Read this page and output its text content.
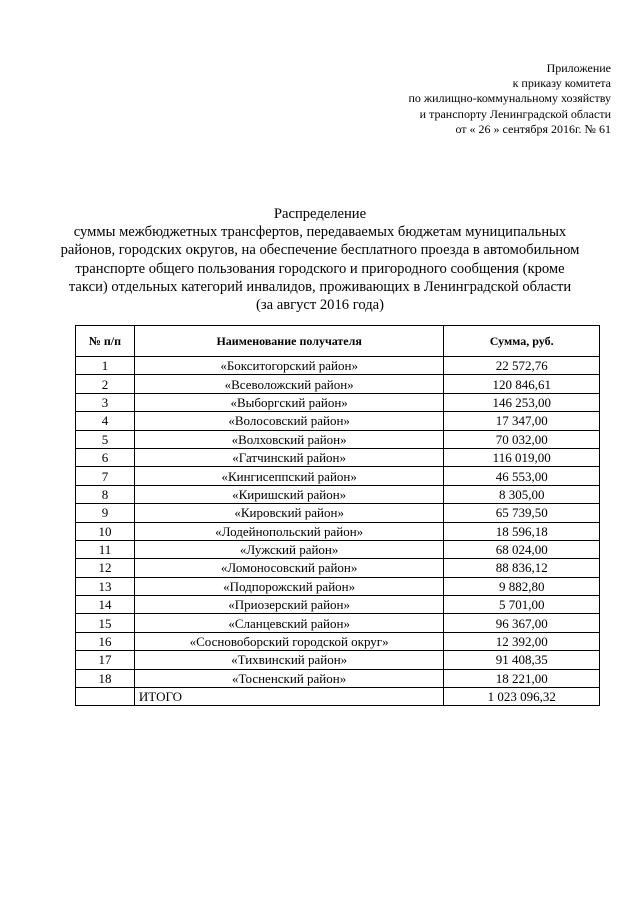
Приложение
к приказу комитета
по жилищно-коммунальному хозяйству
и транспорту Ленинградской области
от « 26 » сентября 2016г. № 61
Распределение
суммы межбюджетных трансфертов, передаваемых бюджетам муниципальных
районов, городских округов, на обеспечение бесплатного проезда в автомобильном
транспорте общего пользования городского и пригородного сообщения (кроме
такси) отдельных категорий инвалидов, проживающих в Ленинградской области
(за август 2016 года)
№ п/п	Наименование получателя	Сумма, руб.
1	«Бокситогорский район»	22 572,76
2	«Всеволожский район»	120 846,61
3	«Выборгский район»	146 253,00
4	«Волосовский район»	17 347,00
5	«Волховский район»	70 032,00
6	«Гатчинский район»	116 019,00
7	«Кингисеппский район»	46 553,00
8	«Киришский район»	8 305,00
9	«Кировский район»	65 739,50
10	«Лодейнопольский район»	18 596,18
11	«Лужский район»	68 024,00
12	«Ломоносовский район»	88 836,12
13	«Подпорожский район»	9 882,80
14	«Приозерский район»	5 701,00
15	«Сланцевский район»	96 367,00
16	«Сосновоборский городской округ»	12 392,00
17	«Тихвинский район»	91 408,35
18	«Тосненский район»	18 221,00
	ИТОГО	1 023 096,32
